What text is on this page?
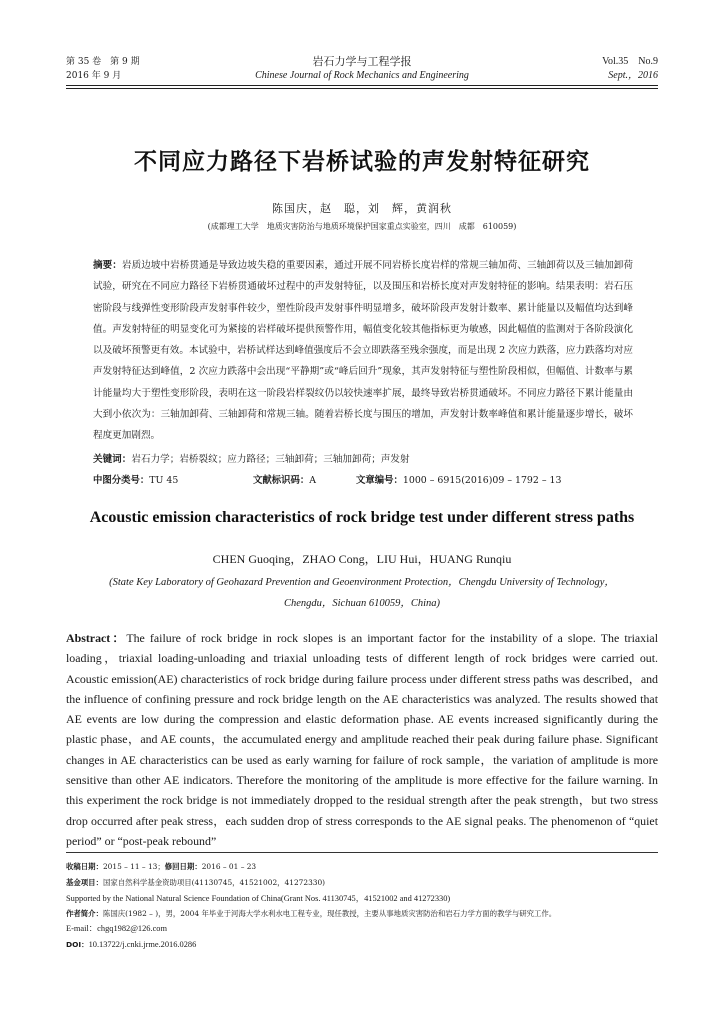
第 35 卷　第 9 期	岩石力学与工程学报	Vol.35　No.9
2016 年 9 月	Chinese Journal of Rock Mechanics and Engineering	Sept.，2016
不同应力路径下岩桥试验的声发射特征研究
陈国庆，赵　聪，刘　辉，黄润秋
(成都理工大学　地质灾害防治与地质环境保护国家重点实验室，四川　成都　610059)

摘要：岩质边坡中岩桥贯通是导致边坡失稳的重要因素，通过开展不同岩桥长度岩样的常规三轴加荷、三轴卸荷以及三轴加卸荷试验，研究在不同应力路径下岩桥贯通破坏过程中的声发射特征，以及围压和岩桥长度对声发射特征的影响。结果表明：岩石压密阶段与线弹性变形阶段声发射事件较少，塑性阶段声发射事件明显增多，破坏阶段声发射计数率、累计能量以及幅值均达到峰值。声发射特征的明显变化可为紧接的岩样破坏提供预警作用，幅值变化较其他指标更为敏感，因此幅值的监测对于各阶段演化以及破坏预警更有效。本试验中，岩桥试样达到峰值强度后不会立即跌落至残余强度，而是出现 2 次应力跌落，应力跌落均对应声发射特征达到峰值，2 次应力跌落中会出现“平静期”或“峰后回升”现象，其声发射特征与塑性阶段相似，但幅值、计数率与累计能量均大于塑性变形阶段，表明在这一阶段岩样裂纹仍以较快速率扩展，最终导致岩桥贯通破坏。不同应力路径下累计能量由大到小依次为：三轴加卸荷、三轴卸荷和常规三轴。随着岩桥长度与围压的增加，声发射计数率峰值和累计能量逐步增长，破坏程度更加剧烈。

关键词：岩石力学；岩桥裂纹；应力路径；三轴卸荷；三轴加卸荷；声发射

中图分类号：TU 45	文献标识码：A	文章编号：1000 – 6915(2016)09 – 1792 – 13
Acoustic emission characteristics of rock bridge test under different stress paths
CHEN Guoqing，ZHAO Cong，LIU Hui，HUANG Runqiu
(State Key Laboratory of Geohazard Prevention and Geoenvironment Protection，Chengdu University of Technology，
Chengdu，Sichuan 610059，China)

Abstract：The failure of rock bridge in rock slopes is an important factor for the instability of a slope. The triaxial loading，triaxial loading-unloading and triaxial unloading tests of different length of rock bridges were carried out. Acoustic emission(AE) characteristics of rock bridge during failure process under different stress paths was described，and the influence of confining pressure and rock bridge length on the AE characteristics was analyzed. The results showed that AE events are low during the compression and elastic deformation phase. AE events increased significantly during the plastic phase，and AE counts，the accumulated energy and amplitude reached their peak during failure phase. Significant changes in AE characteristics can be used as early warning for failure of rock sample，the variation of amplitude is more sensitive than other AE indicators. Therefore the monitoring of the amplitude is more effective for the failure warning. In this experiment the rock bridge is not immediately dropped to the residual strength after the peak strength，but two stress drop occurred after peak stress，each sudden drop of stress corresponds to the AE signal peaks. The phenomenon of “quiet period” or “post-peak rebound”

收稿日期：2015 – 11 – 13；修回日期：2016 – 01 – 23
基金项目：国家自然科学基金资助项目(41130745，41521002，41272330)
Supported by the National Natural Science Foundation of China(Grant Nos. 41130745，41521002 and 41272330)
作者简介：陈国庆(1982 – )，男，2004 年毕业于河海大学水利水电工程专业，现任教授，主要从事地质灾害防治和岩石力学方面的教学与研究工作。
E-mail：chgq1982@126.com
DOI：10.13722/j.cnki.jrme.2016.0286
